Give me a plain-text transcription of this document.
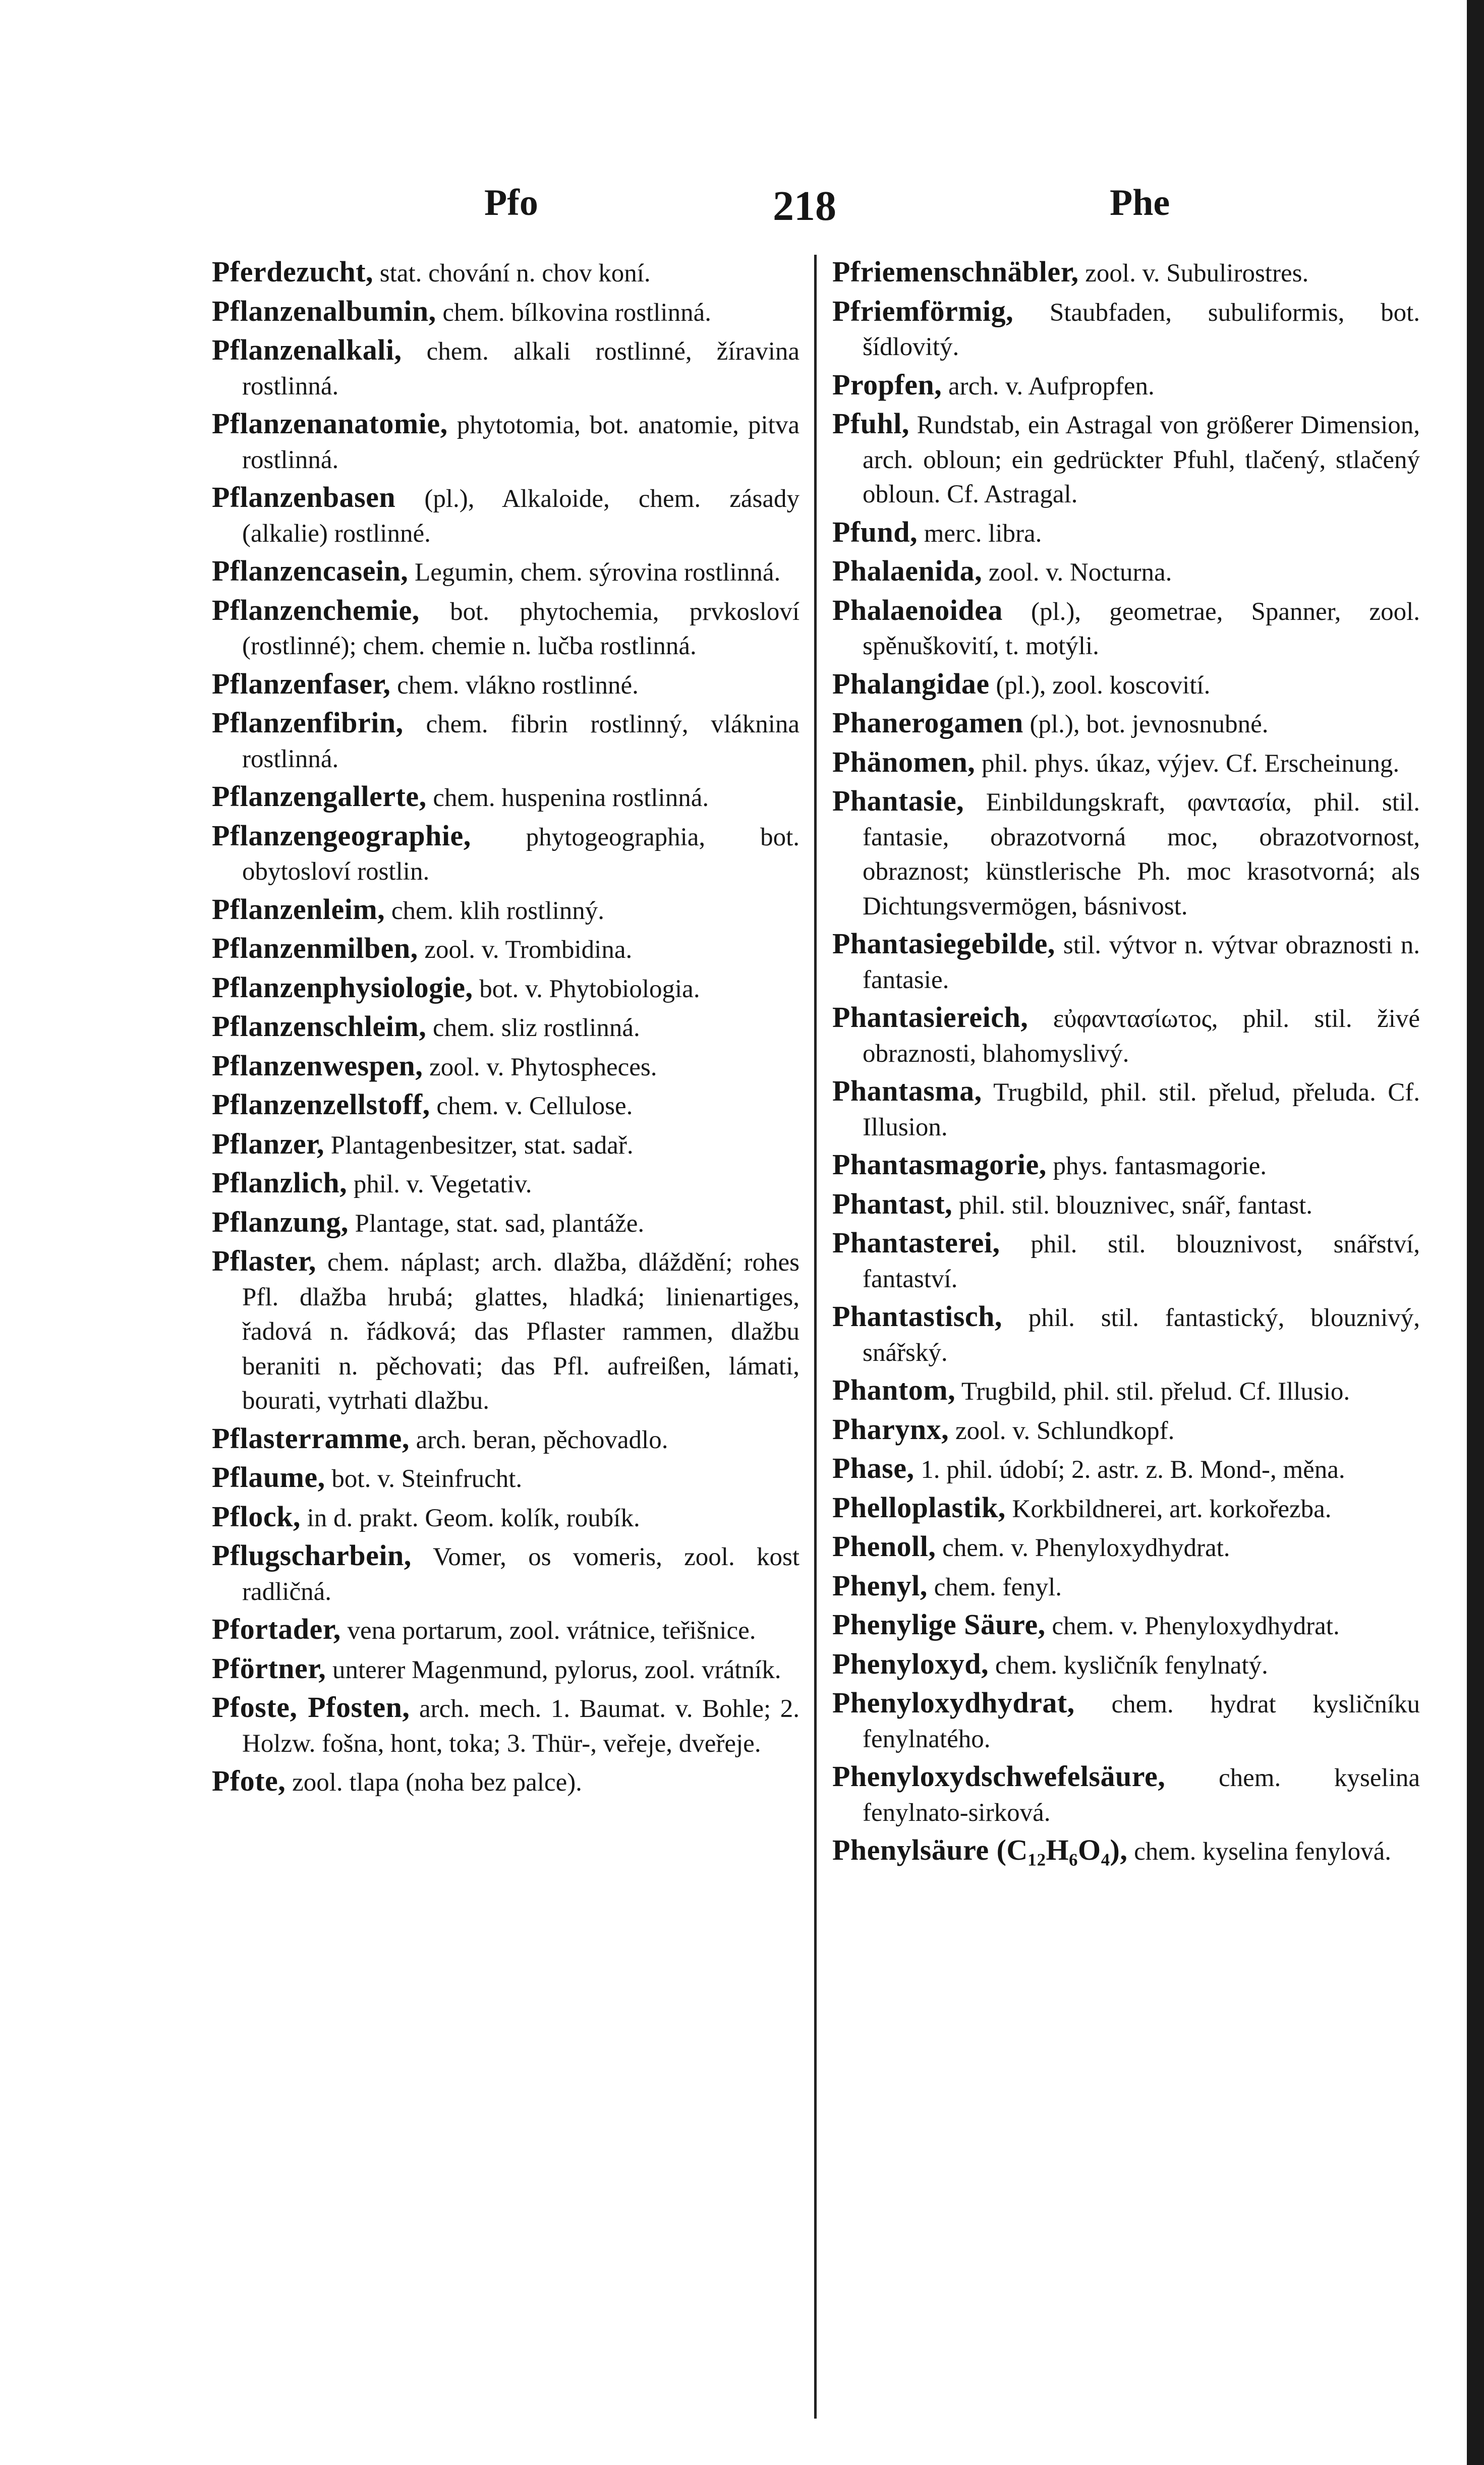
Pfo	218	Phe

Pferdezucht, stat. chování n. chov koní.

Pflanzenalbumin, chem. bílkovina rostlinná.

Pflanzenalkali, chem. alkali rostlinné, žíravina rostlinná.

Pflanzenanatomie, phytotomia, bot. anatomie, pitva rostlinná.

Pflanzenbasen (pl.), Alkaloide, chem. zásady (alkalie) rostlinné.

Pflanzencasein, Legumin, chem. sýrovina rostlinná.

Pflanzenchemie, bot. phytochemia, prvkosloví (rostlinné); chem. chemie n. lučba rostlinná.

Pflanzenfaser, chem. vlákno rostlinné.

Pflanzenfibrin, chem. fibrin rostlinný, vláknina rostlinná.

Pflanzengallerte, chem. huspenina rostlinná.

Pflanzengeographie, phytogeographia, bot. obytosloví rostlin.

Pflanzenleim, chem. klih rostlinný.

Pflanzenmilben, zool. v. Trombidina.

Pflanzenphysiologie, bot. v. Phytobiologia.

Pflanzenschleim, chem. sliz rostlinná.

Pflanzenwespen, zool. v. Phytospheces.

Pflanzenzellstoff, chem. v. Cellulose.

Pflanzer, Plantagenbesitzer, stat. sadař.

Pflanzlich, phil. v. Vegetativ.

Pflanzung, Plantage, stat. sad, plantáže.

Pflaster, chem. náplast; arch. dlažba, dláždění; rohes Pfl. dlažba hrubá; glattes, hladká; linienartiges, řadová n. řádková; das Pflaster rammen, dlažbu beraniti n. pěchovati; das Pfl. aufreißen, lámati, bourati, vytrhati dlažbu.

Pflasterramme, arch. beran, pěchovadlo.

Pflaume, bot. v. Steinfrucht.

Pflock, in d. prakt. Geom. kolík, roubík.

Pflugscharbein, Vomer, os vomeris, zool. kost radličná.

Pfortader, vena portarum, zool. vrátnice, teřišnice.

Pförtner, unterer Magenmund, pylorus, zool. vrátník.

Pfoste, Pfosten, arch. mech. 1. Baumat. v. Bohle; 2. Holzw. fošna, hont, toka; 3. Thür-, veřeje, dveřeje.

Pfote, zool. tlapa (noha bez palce).

Pfriemenschnäbler, zool. v. Subulirostres.

Pfriemförmig, Staubfaden, subuliformis, bot. šídlovitý.

Propfen, arch. v. Aufpropfen.

Pfuhl, Rundstab, ein Astragal von größerer Dimension, arch. obloun; ein gedrückter Pfuhl, tlačený, stlačený obloun. Cf. Astragal.

Pfund, merc. libra.

Phalaenida, zool. v. Nocturna.

Phalaenoidea (pl.), geometrae, Spanner, zool. spěnuškovití, t. motýli.

Phalangidae (pl.), zool. koscovití.

Phanerogamen (pl.), bot. jevnosnubné.

Phänomen, phil. phys. úkaz, výjev. Cf. Erscheinung.

Phantasie, Einbildungskraft, φαντασία, phil. stil. fantasie, obrazotvorná moc, obrazotvornost, obraznost; künstlerische Ph. moc krasotvorná; als Dichtungsvermögen, básnivost.

Phantasiegebilde, stil. výtvor n. výtvar obraznosti n. fantasie.

Phantasiereich, εὐφαντασίωτος, phil. stil. živé obraznosti, blahomyslivý.

Phantasma, Trugbild, phil. stil. přelud, přeluda. Cf. Illusion.

Phantasmagorie, phys. fantasmagorie.

Phantast, phil. stil. blouznivec, snář, fantast.

Phantasterei, phil. stil. blouznivost, snářství, fantaství.

Phantastisch, phil. stil. fantastický, blouznivý, snářský.

Phantom, Trugbild, phil. stil. přelud. Cf. Illusio.

Pharynx, zool. v. Schlundkopf.

Phase, 1. phil. údobí; 2. astr. z. B. Mond-, měna.

Phelloplastik, Korkbildnerei, art. korkořezba.

Phenoll, chem. v. Phenyloxydhydrat.

Phenyl, chem. fenyl.

Phenylige Säure, chem. v. Phenyloxydhydrat.

Phenyloxyd, chem. kysličník fenylnatý.

Phenyloxydhydrat, chem. hydrat kysličníku fenylnatého.

Phenyloxydschwefelsäure, chem. kyselina fenylnato-sirková.

Phenylsäure (C₁₂H₆O₄), chem. kyselina fenylová.
